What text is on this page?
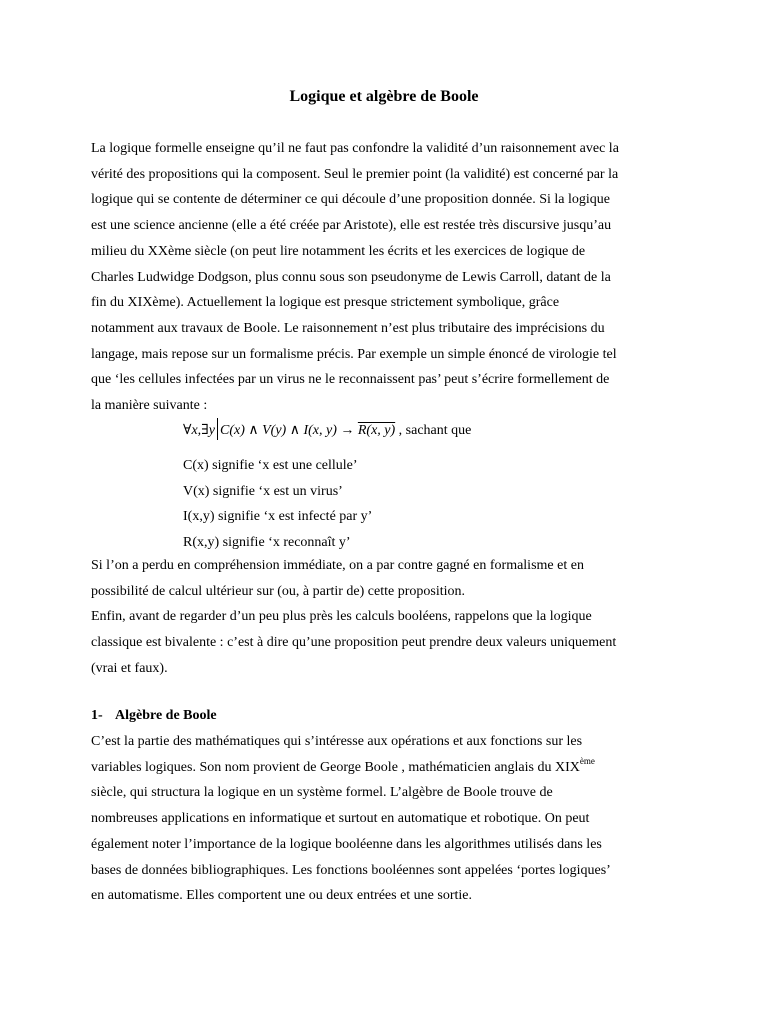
Logique et algèbre de Boole

La logique formelle enseigne qu’il ne faut pas confondre la validité d’un raisonnement avec la
vérité des propositions qui la composent. Seul le premier point (la validité) est concerné par la
logique qui se contente de déterminer ce qui découle d’une proposition donnée. Si la logique
est une science ancienne (elle a été créée par Aristote), elle est restée très discursive jusqu’au
milieu du XXème siècle (on peut lire notamment les écrits et les exercices de logique de
Charles Ludwidge Dodgson, plus connu sous son pseudonyme de Lewis Carroll, datant de la
fin du XIXème). Actuellement la logique est presque strictement symbolique, grâce
notamment aux travaux de Boole. Le raisonnement n’est plus tributaire des imprécisions du
langage, mais repose sur un formalisme précis. Par exemple un simple énoncé de virologie tel
que ‘les cellules infectées par un virus ne le reconnaissent pas’ peut s’écrire formellement de
la manière suivante :

∀x,∃y C(x) ∧ V(y) ∧ I(x, y) → R(x, y) , sachant que

C(x) signifie ‘x est une cellule’
V(x) signifie ‘x est un virus’
I(x,y) signifie ‘x est infecté par y’
R(x,y) signifie ‘x reconnaît y’

Si l’on a perdu en compréhension immédiate, on a par contre gagné en formalisme et en
possibilité de calcul ultérieur sur (ou, à partir de) cette proposition.
Enfin, avant de regarder d’un peu plus près les calculs booléens, rappelons que la logique
classique est bivalente : c’est à dire qu’une proposition peut prendre deux valeurs uniquement
(vrai et faux).

1- Algèbre de Boole

C’est la partie des mathématiques qui s’intéresse aux opérations et aux fonctions sur les
variables logiques. Son nom provient de George Boole , mathématicien anglais du XIXème
siècle, qui structura la logique en un système formel. L’algèbre de Boole trouve de
nombreuses applications en informatique et surtout en automatique et robotique. On peut
également noter l’importance de la logique booléenne dans les algorithmes utilisés dans les
bases de données bibliographiques. Les fonctions booléennes sont appelées ‘portes logiques’
en automatisme. Elles comportent une ou deux entrées et une sortie.
